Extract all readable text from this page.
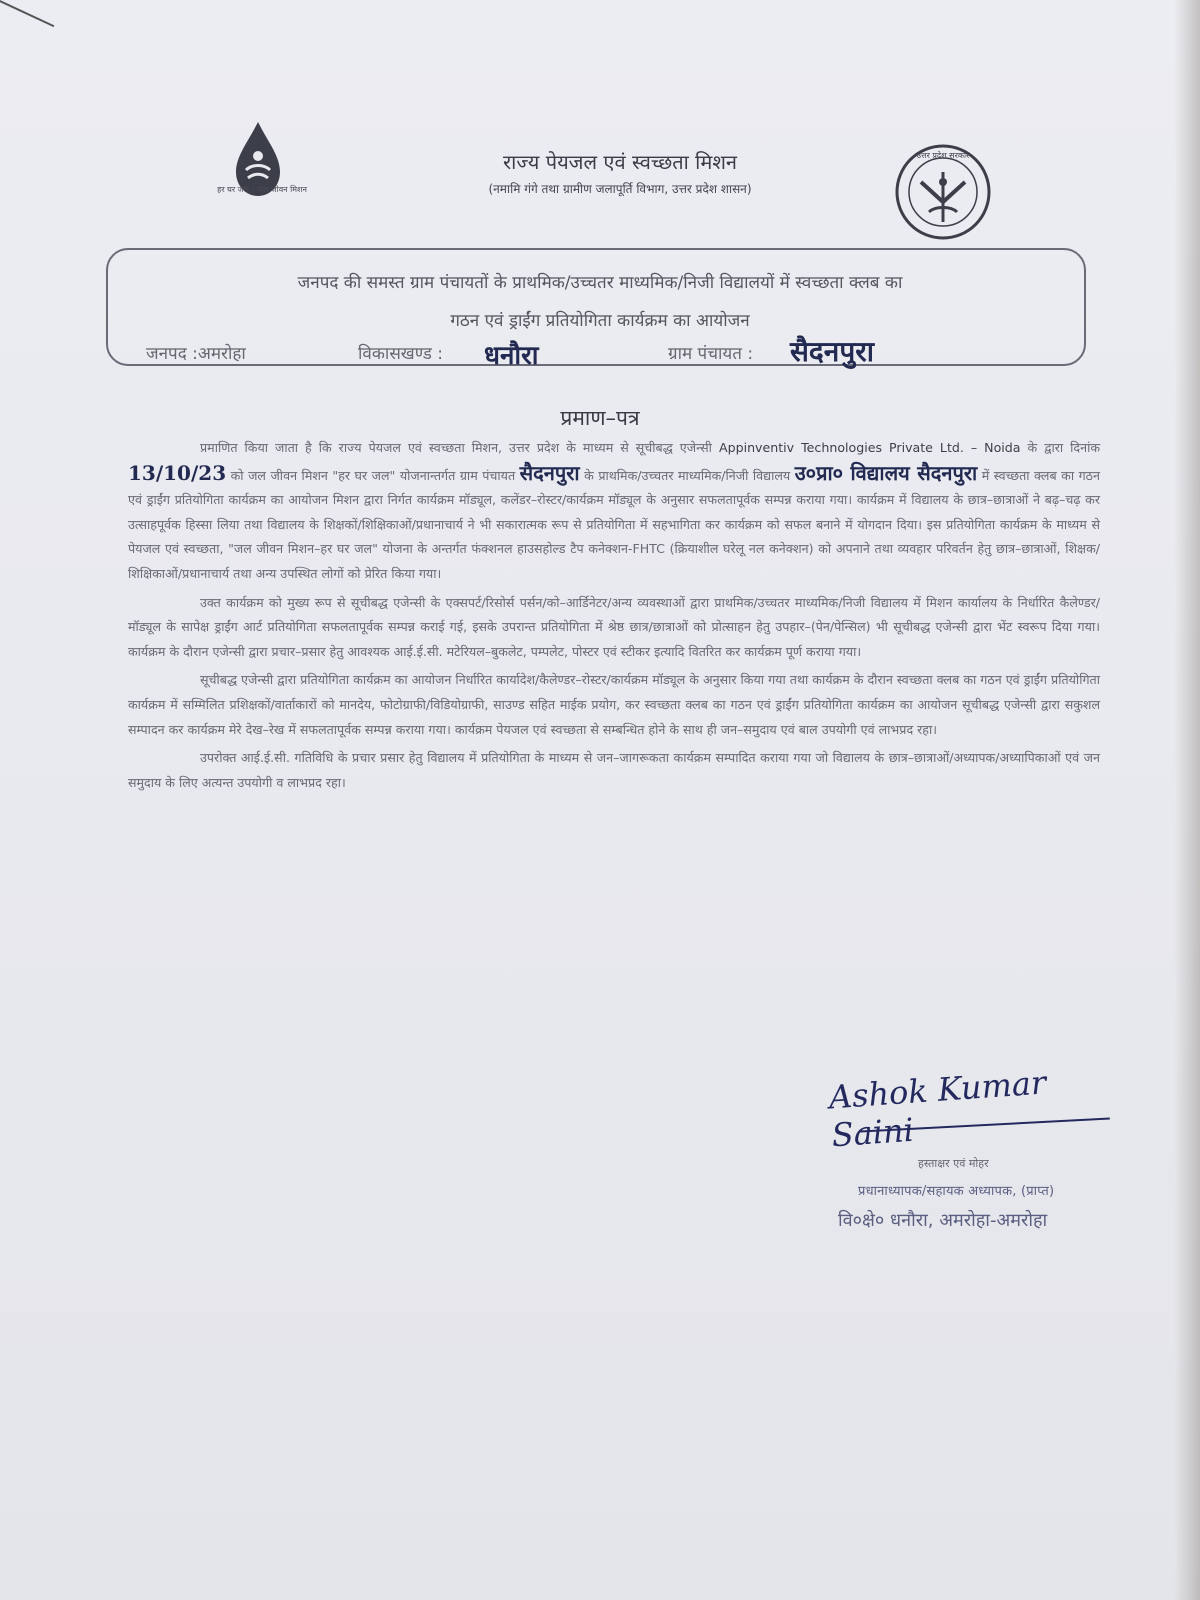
हर घर जल / जल जीवन मिशन
राज्य पेयजल एवं स्वच्छता मिशन
(नमामि गंगे तथा ग्रामीण जलापूर्ति विभाग, उत्तर प्रदेश शासन)
उत्तर प्रदेश सरकार
जनपद की समस्त ग्राम पंचायतों के प्राथमिक/उच्चतर माध्यमिक/निजी विद्यालयों में स्वच्छता क्लब का
गठन एवं ड्राईंग प्रतियोगिता कार्यक्रम का आयोजन
जनपद :अमरोहा	विकासखण्ड : धनौरा	ग्राम पंचायत : सैदनपुरा
प्रमाण–पत्र

प्रमाणित किया जाता है कि राज्य पेयजल एवं स्वच्छता मिशन, उत्तर प्रदेश के माध्यम से सूचीबद्ध एजेन्सी Appinventiv Technologies Private Ltd. – Noida के द्वारा दिनांक 13/10/23 को जल जीवन मिशन "हर घर जल" योजनान्तर्गत ग्राम पंचायत सैदनपुरा के प्राथमिक/उच्चतर माध्यमिक/निजी विद्यालय उ०प्रा० विद्यालय सैदनपुरा में स्वच्छता क्लब का गठन एवं ड्राईंग प्रतियोगिता कार्यक्रम का आयोजन मिशन द्वारा निर्गत कार्यक्रम मॉड्यूल, कलेंडर–रोस्टर/कार्यक्रम मॉड्यूल के अनुसार सफलतापूर्वक सम्पन्न कराया गया। कार्यक्रम में विद्यालय के छात्र–छात्राओं ने बढ़–चढ़ कर उत्साहपूर्वक हिस्सा लिया तथा विद्यालय के शिक्षकों/शिक्षिकाओं/प्रधानाचार्य ने भी सकारात्मक रूप से प्रतियोगिता में सहभागिता कर कार्यक्रम को सफल बनाने में योगदान दिया। इस प्रतियोगिता कार्यक्रम के माध्यम से पेयजल एवं स्वच्छता, "जल जीवन मिशन–हर घर जल" योजना के अन्तर्गत फंक्शनल हाउसहोल्ड टैप कनेक्शन-FHTC (क्रियाशील घरेलू नल कनेक्शन) को अपनाने तथा व्यवहार परिवर्तन हेतु छात्र–छात्राओं, शिक्षक/शिक्षिकाओं/प्रधानाचार्य तथा अन्य उपस्थित लोगों को प्रेरित किया गया।

उक्त कार्यक्रम को मुख्य रूप से सूचीबद्ध एजेन्सी के एक्सपर्ट/रिसोर्स पर्सन/को–आर्डिनेटर/अन्य व्यवस्थाओं द्वारा प्राथमिक/उच्चतर माध्यमिक/निजी विद्यालय में मिशन कार्यालय के निर्धारित कैलेण्डर/मॉड्यूल के सापेक्ष ड्राईंग आर्ट प्रतियोगिता सफलतापूर्वक सम्पन्न कराई गई, इसके उपरान्त प्रतियोगिता में श्रेष्ठ छात्र/छात्राओं को प्रोत्साहन हेतु उपहार–(पेन/पेन्सिल) भी सूचीबद्ध एजेन्सी द्वारा भेंट स्वरूप दिया गया। कार्यक्रम के दौरान एजेन्सी द्वारा प्रचार–प्रसार हेतु आवश्यक आई.ई.सी. मटेरियल–बुकलेट, पम्पलेट, पोस्टर एवं स्टीकर इत्यादि वितरित कर कार्यक्रम पूर्ण कराया गया।

सूचीबद्ध एजेन्सी द्वारा प्रतियोगिता कार्यक्रम का आयोजन निर्धारित कार्यादेश/कैलेण्डर–रोस्टर/कार्यक्रम मॉड्यूल के अनुसार किया गया तथा कार्यक्रम के दौरान स्वच्छता क्लब का गठन एवं ड्राईंग प्रतियोगिता कार्यक्रम में सम्मिलित प्रशिक्षकों/वार्ताकारों को मानदेय, फोटोग्राफी/विडियोग्राफी, साउण्ड सहित माईक प्रयोग, कर स्वच्छता क्लब का गठन एवं ड्राईंग प्रतियोगिता कार्यक्रम का आयोजन सूचीबद्ध एजेन्सी द्वारा सकुशल सम्पादन कर कार्यक्रम मेरे देख–रेख में सफलतापूर्वक सम्पन्न कराया गया। कार्यक्रम पेयजल एवं स्वच्छता से सम्बन्धित होने के साथ ही जन–समुदाय एवं बाल उपयोगी एवं लाभप्रद रहा।

उपरोक्त आई.ई.सी. गतिविधि के प्रचार प्रसार हेतु विद्यालय में प्रतियोगिता के माध्यम से जन–जागरूकता कार्यक्रम सम्पादित कराया गया जो विद्यालय के छात्र–छात्राओं/अध्यापक/अध्यापिकाओं एवं जन समुदाय के लिए अत्यन्त उपयोगी व लाभप्रद रहा।

Ashok Kumar Saini
हस्ताक्षर एवं मोहर
प्रधानाध्यापक/सहायक अध्यापक, (प्राप्त)
वि०क्षे० धनौरा, अमरोहा-अमरोहा
